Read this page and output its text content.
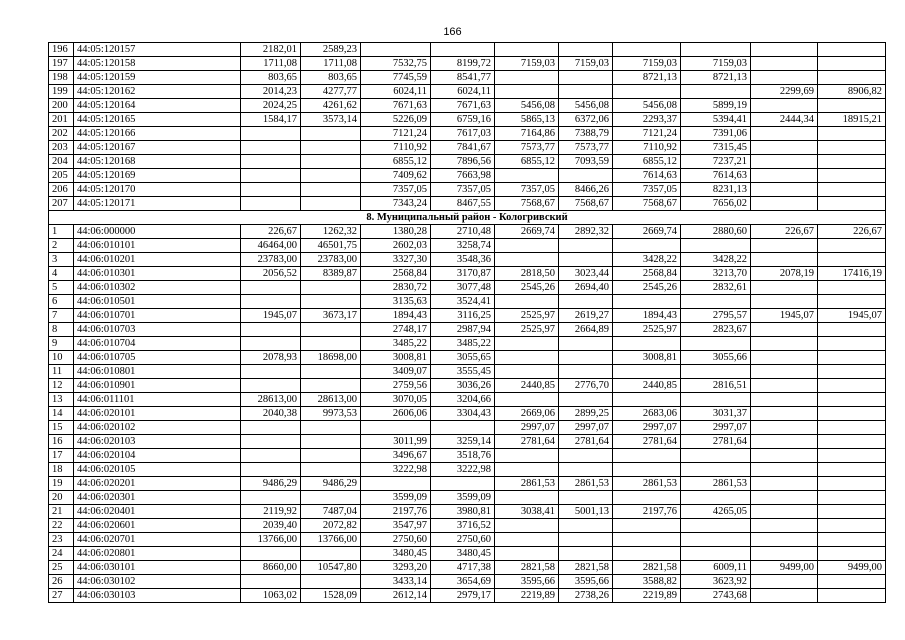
166
196	44:05:120157	2182,01	2589,23								
197	44:05:120158	1711,08	1711,08	7532,75	8199,72	7159,03	7159,03	7159,03	7159,03		
198	44:05:120159	803,65	803,65	7745,59	8541,77			8721,13	8721,13		
199	44:05:120162	2014,23	4277,77	6024,11	6024,11					2299,69	8906,82
200	44:05:120164	2024,25	4261,62	7671,63	7671,63	5456,08	5456,08	5456,08	5899,19		
201	44:05:120165	1584,17	3573,14	5226,09	6759,16	5865,13	6372,06	2293,37	5394,41	2444,34	18915,21
202	44:05:120166			7121,24	7617,03	7164,86	7388,79	7121,24	7391,06		
203	44:05:120167			7110,92	7841,67	7573,77	7573,77	7110,92	7315,45		
204	44:05:120168			6855,12	7896,56	6855,12	7093,59	6855,12	7237,21		
205	44:05:120169			7409,62	7663,98			7614,63	7614,63		
206	44:05:120170			7357,05	7357,05	7357,05	8466,26	7357,05	8231,13		
207	44:05:120171			7343,24	8467,55	7568,67	7568,67	7568,67	7656,02		
8. Муниципальный район - Кологривский											
1	44:06:000000	226,67	1262,32	1380,28	2710,48	2669,74	2892,32	2669,74	2880,60	226,67	226,67
2	44:06:010101	46464,00	46501,75	2602,03	3258,74						
3	44:06:010201	23783,00	23783,00	3327,30	3548,36			3428,22	3428,22		
4	44:06:010301	2056,52	8389,87	2568,84	3170,87	2818,50	3023,44	2568,84	3213,70	2078,19	17416,19
5	44:06:010302			2830,72	3077,48	2545,26	2694,40	2545,26	2832,61		
6	44:06:010501			3135,63	3524,41						
7	44:06:010701	1945,07	3673,17	1894,43	3116,25	2525,97	2619,27	1894,43	2795,57	1945,07	1945,07
8	44:06:010703			2748,17	2987,94	2525,97	2664,89	2525,97	2823,67		
9	44:06:010704			3485,22	3485,22						
10	44:06:010705	2078,93	18698,00	3008,81	3055,65			3008,81	3055,66		
11	44:06:010801			3409,07	3555,45						
12	44:06:010901			2759,56	3036,26	2440,85	2776,70	2440,85	2816,51		
13	44:06:011101	28613,00	28613,00	3070,05	3204,66						
14	44:06:020101	2040,38	9973,53	2606,06	3304,43	2669,06	2899,25	2683,06	3031,37		
15	44:06:020102					2997,07	2997,07	2997,07	2997,07		
16	44:06:020103			3011,99	3259,14	2781,64	2781,64	2781,64	2781,64		
17	44:06:020104			3496,67	3518,76						
18	44:06:020105			3222,98	3222,98						
19	44:06:020201	9486,29	9486,29			2861,53	2861,53	2861,53	2861,53		
20	44:06:020301			3599,09	3599,09						
21	44:06:020401	2119,92	7487,04	2197,76	3980,81	3038,41	5001,13	2197,76	4265,05		
22	44:06:020601	2039,40	2072,82	3547,97	3716,52						
23	44:06:020701	13766,00	13766,00	2750,60	2750,60						
24	44:06:020801			3480,45	3480,45						
25	44:06:030101	8660,00	10547,80	3293,20	4717,38	2821,58	2821,58	2821,58	6009,11	9499,00	9499,00
26	44:06:030102			3433,14	3654,69	3595,66	3595,66	3588,82	3623,92		
27	44:06:030103	1063,02	1528,09	2612,14	2979,17	2219,89	2738,26	2219,89	2743,68		
